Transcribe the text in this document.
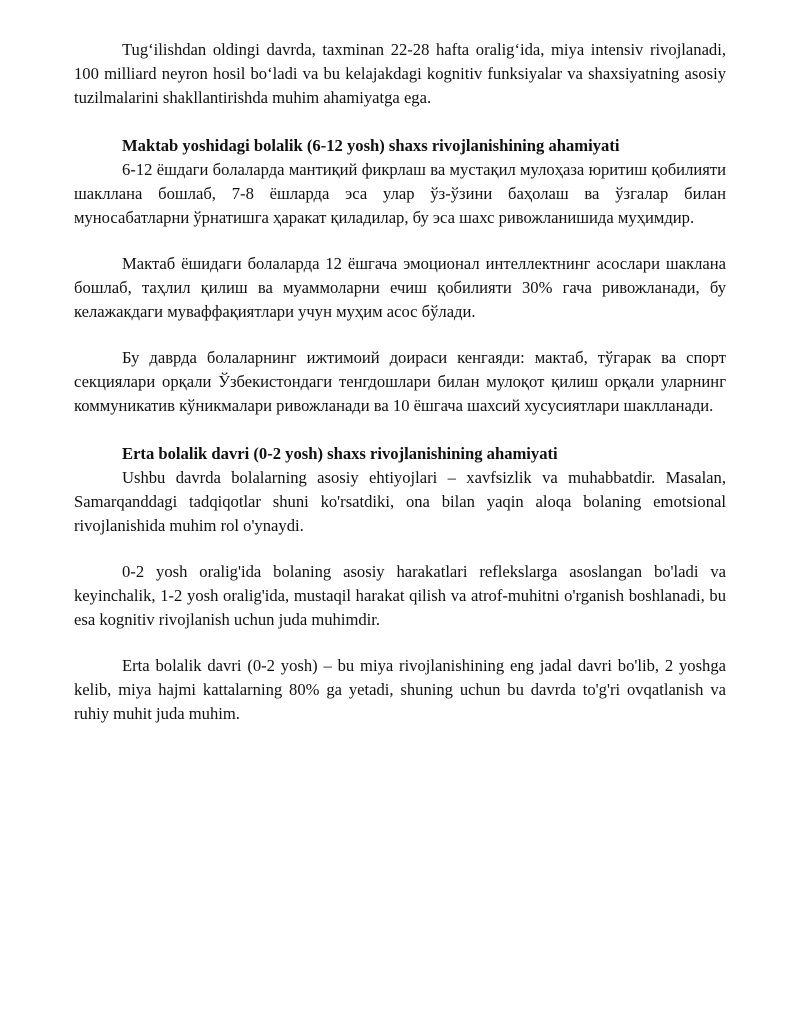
Tug‘ilishdan oldingi davrda, taxminan 22-28 hafta oralig‘ida, miya intensiv rivojlanadi, 100 milliard neyron hosil bo‘ladi va bu kelajakdagi kognitiv funksiyalar va shaxsiyatning asosiy tuzilmalarini shakllantirishda muhim ahamiyatga ega.

Maktab yoshidagi bolalik (6-12 yosh) shaxs rivojlanishining ahamiyati

6-12 ёшдаги болаларда мантиқий фикрлаш ва мустақил мулоҳаза юритиш қобилияти шакллана бошлаб, 7-8 ёшларда эса улар ўз-ўзини баҳолаш ва ўзгалар билан муносабатларни ўрнатишга ҳаракат қиладилар, бу эса шахс ривожланишида муҳимдир.

Мактаб ёшидаги болаларда 12 ёшгача эмоционал интеллектнинг асослари шаклана бошлаб, таҳлил қилиш ва муаммоларни ечиш қобилияти 30% гача ривожланади, бу келажакдаги муваффақиятлари учун муҳим асос бўлади.

Бу даврда болаларнинг ижтимоий доираси кенгаяди: мактаб, тўгарак ва спорт секциялари орқали Ўзбекистондаги тенгдошлари билан мулоқот қилиш орқали уларнинг коммуникатив кўникмалари ривожланади ва 10 ёшгача шахсий хусусиятлари шаклланади.

Erta bolalik davri (0-2 yosh) shaxs rivojlanishining ahamiyati

Ushbu davrda bolalarning asosiy ehtiyojlari – xavfsizlik va muhabbatdir. Masalan, Samarqanddagi tadqiqotlar shuni ko'rsatdiki, ona bilan yaqin aloqa bolaning emotsional rivojlanishida muhim rol o'ynaydi.

0-2 yosh oralig'ida bolaning asosiy harakatlari reflekslarga asoslangan bo'ladi va keyinchalik, 1-2 yosh oralig'ida, mustaqil harakat qilish va atrof-muhitni o'rganish boshlanadi, bu esa kognitiv rivojlanish uchun juda muhimdir.

Erta bolalik davri (0-2 yosh) – bu miya rivojlanishining eng jadal davri bo'lib, 2 yoshga kelib, miya hajmi kattalarning 80% ga yetadi, shuning uchun bu davrda to'g'ri ovqatlanish va ruhiy muhit juda muhim.
